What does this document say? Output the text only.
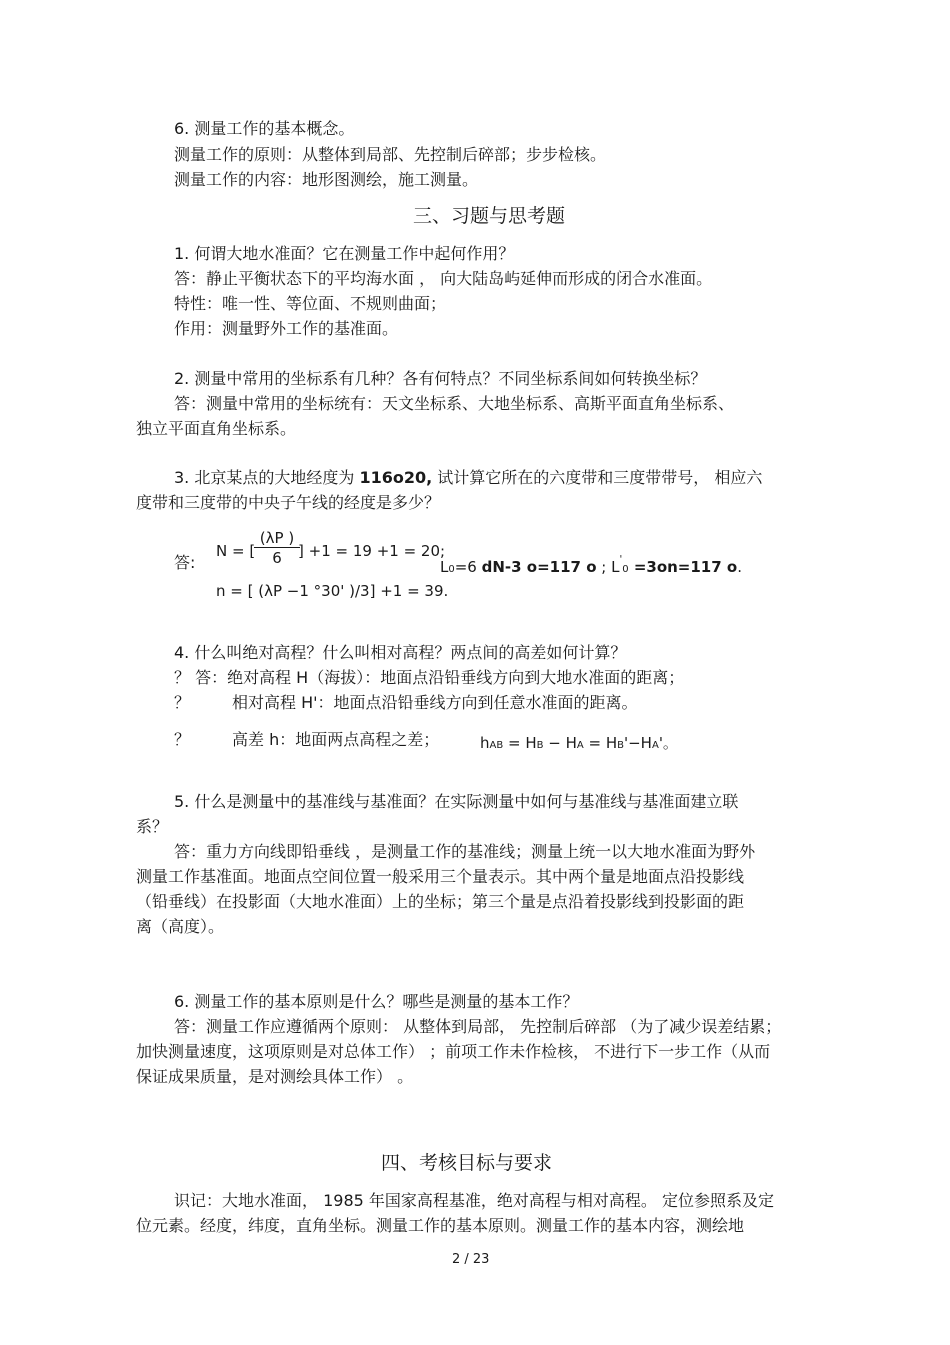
6. 测量工作的基本概念。
测量工作的原则：从整体到局部、先控制后碎部；步步检核。
测量工作的内容：地形图测绘，施工测量。
三、习题与思考题
1. 何谓大地水准面？它在测量工作中起何作用？
答：静止平衡状态下的平均海水面 ， 向大陆岛屿延伸而形成的闭合水准面。
特性：唯一性、等位面、不规则曲面；
作用：测量野外工作的基准面。
2. 测量中常用的坐标系有几种？各有何特点？不同坐标系间如何转换坐标？
答：测量中常用的坐标统有：天文坐标系、大地坐标系、高斯平面直角坐标系、
独立平面直角坐标系。
3. 北京某点的大地经度为 116o20, 试计算它所在的六度带和三度带带号， 相应六
度带和三度带的中央子午线的经度是多少？
答:
N = [
$\frac{(\lambda P )}{6}$
] +1 = 19 +1 = 20;
L0=6 dN-3 o=117 o ; L'0 =3on=117 o.
n = [ (λP −1 °30' )/3] +1 = 39.
4. 什么叫绝对高程？什么叫相对高程？两点间的高差如何计算？
？ 答：绝对高程 H（海拔）：地面点沿铅垂线方向到大地水准面的距离；
？	相对高程 H'：地面点沿铅垂线方向到任意水准面的距离。
？	高差 h：地面两点高程之差；	hAB = HB − HA = HB'−HA'。
5. 什么是测量中的基准线与基准面？在实际测量中如何与基准线与基准面建立联
系？
答：重力方向线即铅垂线 ，是测量工作的基准线；测量上统一以大地水准面为野外
测量工作基准面。地面点空间位置一般采用三个量表示。其中两个量是地面点沿投影线
（铅垂线）在投影面（大地水准面）上的坐标；第三个量是点沿着投影线到投影面的距
离（高度）。
6. 测量工作的基本原则是什么？哪些是测量的基本工作？
答：测量工作应遵循两个原则： 从整体到局部， 先控制后碎部 （为了减少误差结累；
加快测量速度，这项原则是对总体工作） ；前项工作未作检核， 不进行下一步工作（从而
保证成果质量，是对测绘具体工作） 。
四、考核目标与要求
识记：大地水准面， 1985 年国家高程基准，绝对高程与相对高程。 定位参照系及定
位元素。经度，纬度，直角坐标。测量工作的基本原则。测量工作的基本内容，测绘地
2 / 23
